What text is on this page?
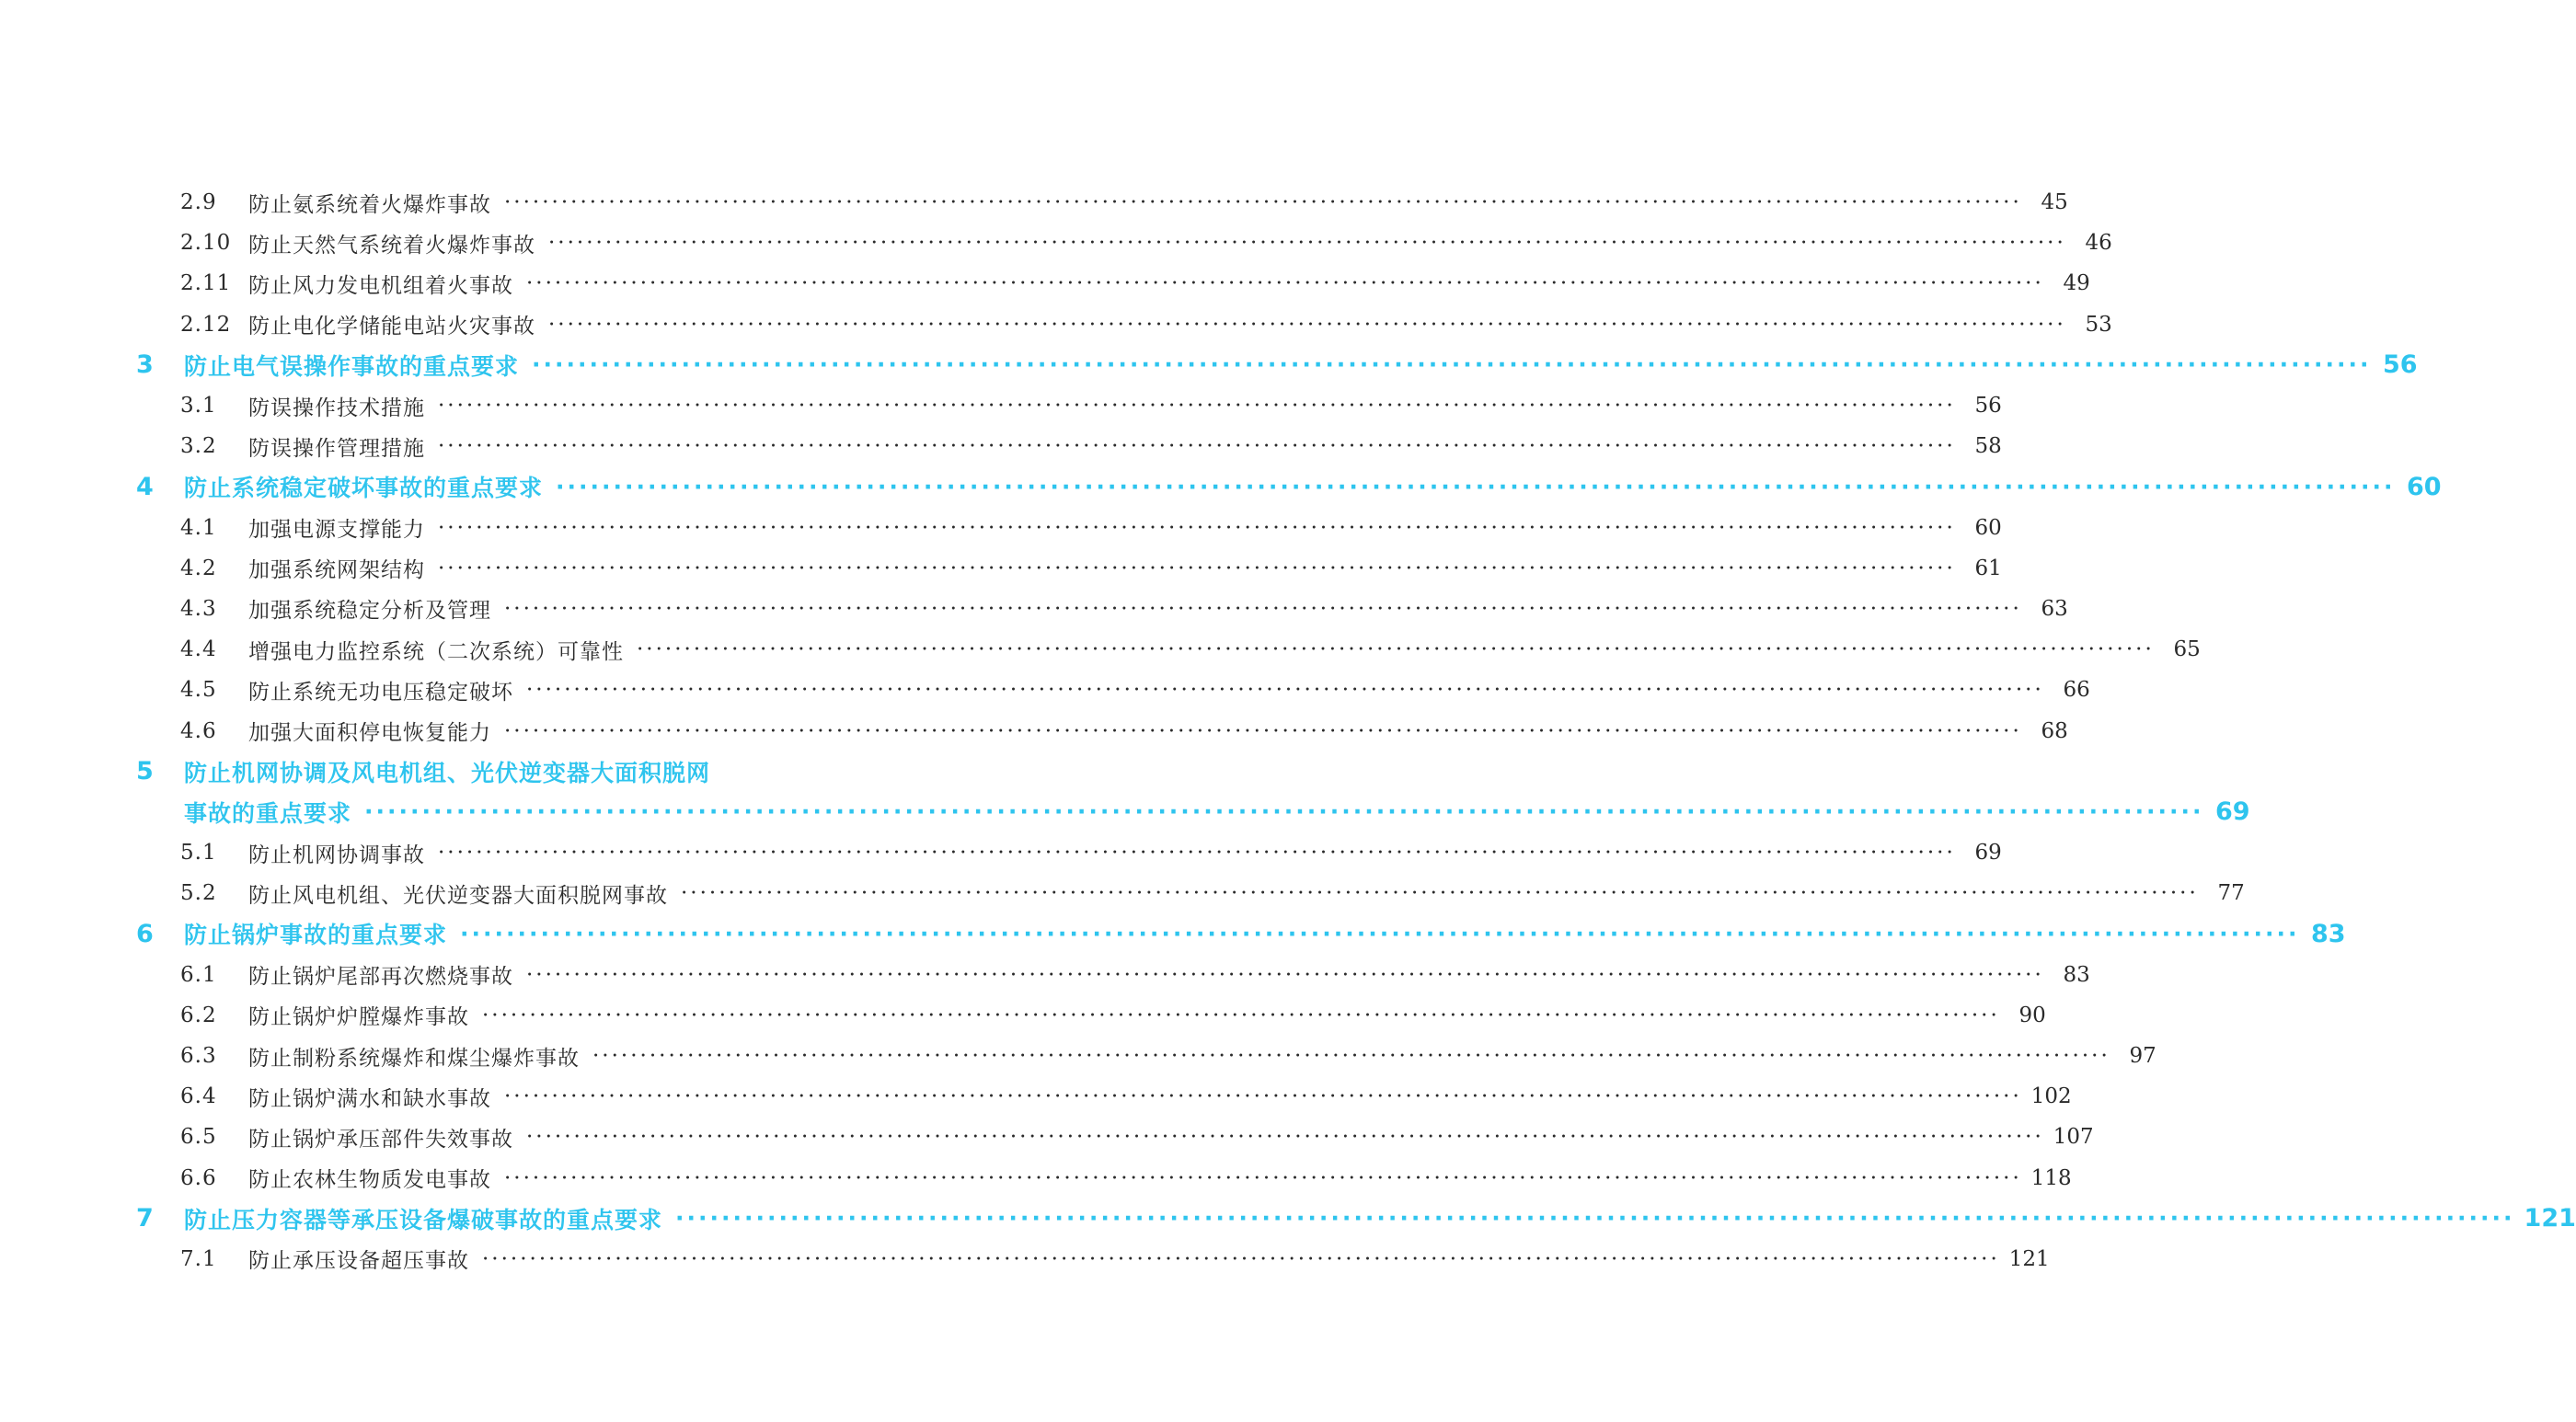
2.9	防止氨系统着火爆炸事故 ································································································································································ 45
2.10 防止天然气系统着火爆炸事故 ································································································································································ 46
2.11 防止风力发电机组着火事故 ································································································································································ 49
2.12 防止电化学储能电站火灾事故 ································································································································································ 53
3	防止电气误操作事故的重点要求 ································································································································································ 56
3.1	防误操作技术措施 ································································································································································ 56
3.2	防误操作管理措施 ································································································································································ 58
4	防止系统稳定破坏事故的重点要求 ································································································································································ 60
4.1	加强电源支撑能力 ································································································································································ 60
4.2	加强系统网架结构 ································································································································································ 61
4.3	加强系统稳定分析及管理 ································································································································································ 63
4.4	增强电力监控系统（二次系统）可靠性 ································································································································································ 65
4.5	防止系统无功电压稳定破坏 ································································································································································ 66
4.6	加强大面积停电恢复能力 ································································································································································ 68
5	防止机网协调及风电机组、光伏逆变器大面积脱网
事故的重点要求 ································································································································································ 69
5.1	防止机网协调事故 ································································································································································ 69
5.2	防止风电机组、光伏逆变器大面积脱网事故 ································································································································································ 77
6	防止锅炉事故的重点要求 ································································································································································ 83
6.1	防止锅炉尾部再次燃烧事故 ································································································································································ 83
6.2	防止锅炉炉膛爆炸事故 ································································································································································ 90
6.3	防止制粉系统爆炸和煤尘爆炸事故 ································································································································································ 97
6.4	防止锅炉满水和缺水事故 ································································································································································ 102
6.5	防止锅炉承压部件失效事故 ································································································································································ 107
6.6	防止农林生物质发电事故 ································································································································································ 118
7	防止压力容器等承压设备爆破事故的重点要求 ································································································································································ 121
7.1	防止承压设备超压事故 ································································································································································ 121
